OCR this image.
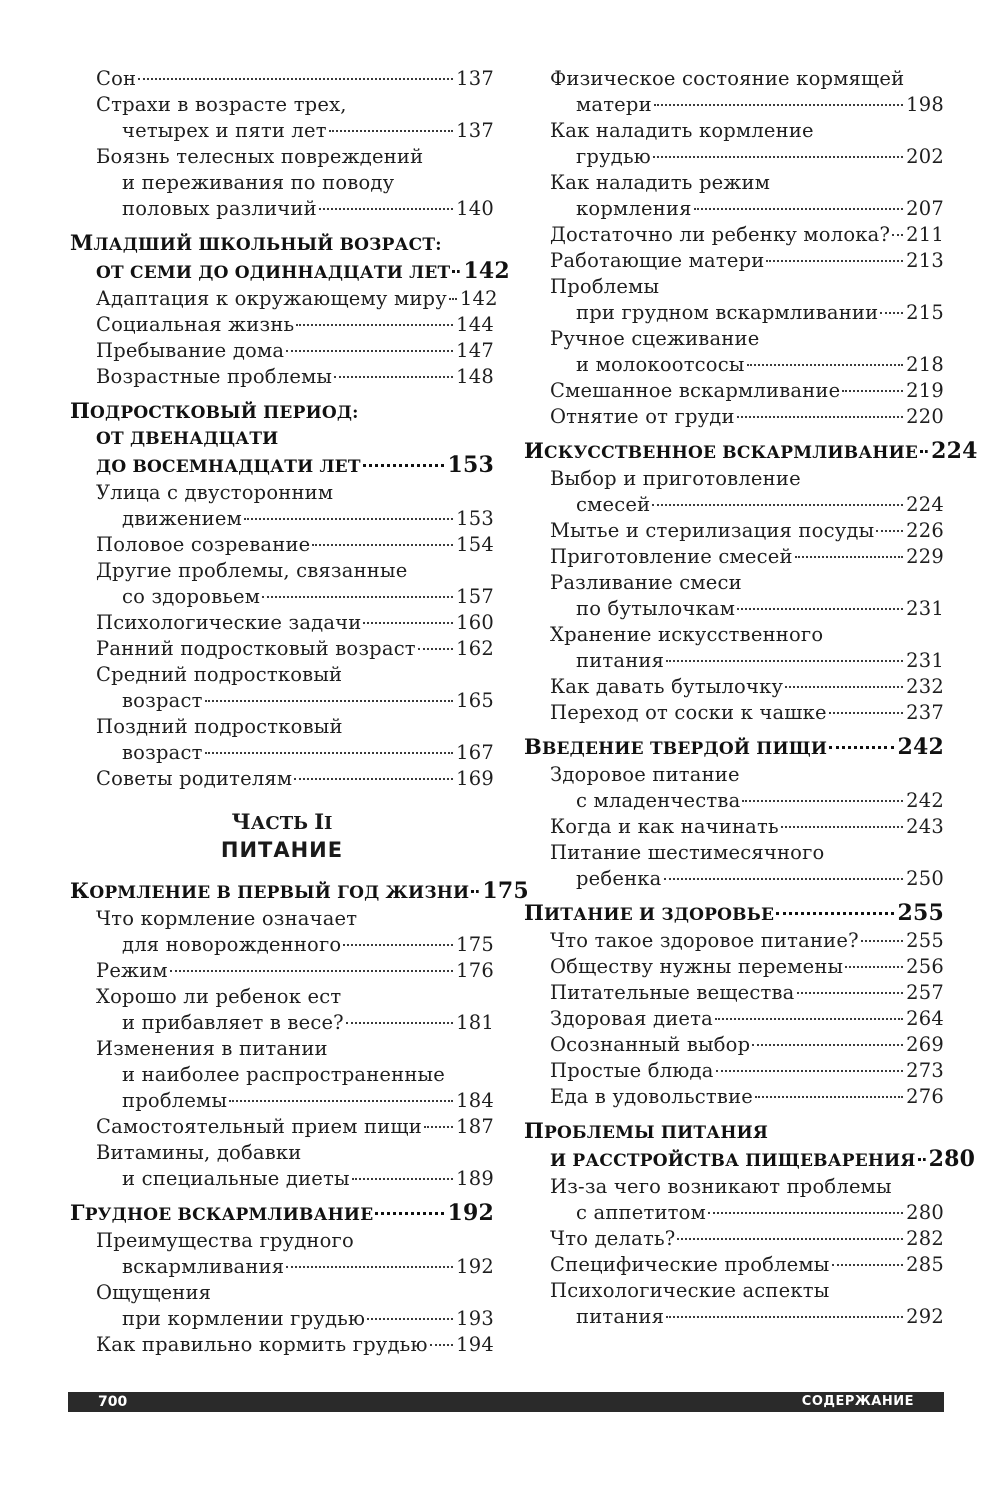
Сон	137
Страхи в возрасте трех,
четырех и пяти лет	137
Боязнь телесных повреждений
и переживания по поводу
половых различий	140
МЛАДШИЙ ШКОЛЬНЫЙ ВОЗРАСТ:
ОТ СЕМИ ДО ОДИННАДЦАТИ ЛЕТ 142
Адаптация к окружающему миру 142
Социальная жизнь	144
Пребывание дома	147
Возрастные проблемы	148
ПОДРОСТКОВЫЙ ПЕРИОД:
ОТ ДВЕНАДЦАТИ
ДО ВОСЕМНАДЦАТИ ЛЕТ	153
Улица с двусторонним
движением	153
Половое созревание	154
Другие проблемы, связанные
со здоровьем	157
Психологические задачи	160
Ранний подростковый возраст 162
Средний подростковый
возраст	165
Поздний подростковый
возраст	167
Советы родителям	169
ЧАСТЬ II
ПИТАНИЕ
КОРМЛЕНИЕ В ПЕРВЫЙ ГОД ЖИЗНИ 175
Что кормление означает
для новорожденного	175
Режим	176
Хорошо ли ребенок ест
и прибавляет в весе?	181
Изменения в питании
и наиболее распространенные
проблемы	184
Самостоятельный прием пищи 187
Витамины, добавки
и специальные диеты	189
ГРУДНОЕ ВСКАРМЛИВАНИЕ	192
Преимущества грудного
вскармливания	192
Ощущения
при кормлении грудью	193
Как правильно кормить грудью 194
Физическое состояние кормящей
матери	198
Как наладить кормление
грудью	202
Как наладить режим
кормления	207
Достаточно ли ребенку молока? 211
Работающие матери	213
Проблемы
при грудном вскармливании 215
Ручное сцеживание
и молокоотсосы	218
Смешанное вскармливание	219
Отнятие от груди	220
ИСКУССТВЕННОЕ ВСКАРМЛИВАНИЕ 224
Выбор и приготовление
смесей	224
Мытье и стерилизация посуды 226
Приготовление смесей	229
Разливание смеси
по бутылочкам	231
Хранение искусственного
питания	231
Как давать бутылочку	232
Переход от соски к чашке	237
ВВЕДЕНИЕ ТВЕРДОЙ ПИЩИ	242
Здоровое питание
с младенчества	242
Когда и как начинать	243
Питание шестимесячного
ребенка	250
ПИТАНИЕ И ЗДОРОВЬЕ	255
Что такое здоровое питание? 255
Обществу нужны перемены	256
Питательные вещества	257
Здоровая диета	264
Осознанный выбор	269
Простые блюда	273
Еда в удовольствие	276
ПРОБЛЕМЫ ПИТАНИЯ
И РАССТРОЙСТВА ПИЩЕВАРЕНИЯ 280
Из-за чего возникают проблемы
с аппетитом	280
Что делать?	282
Специфические проблемы	285
Психологические аспекты
питания	292
700	СОДЕРЖАНИЕ
